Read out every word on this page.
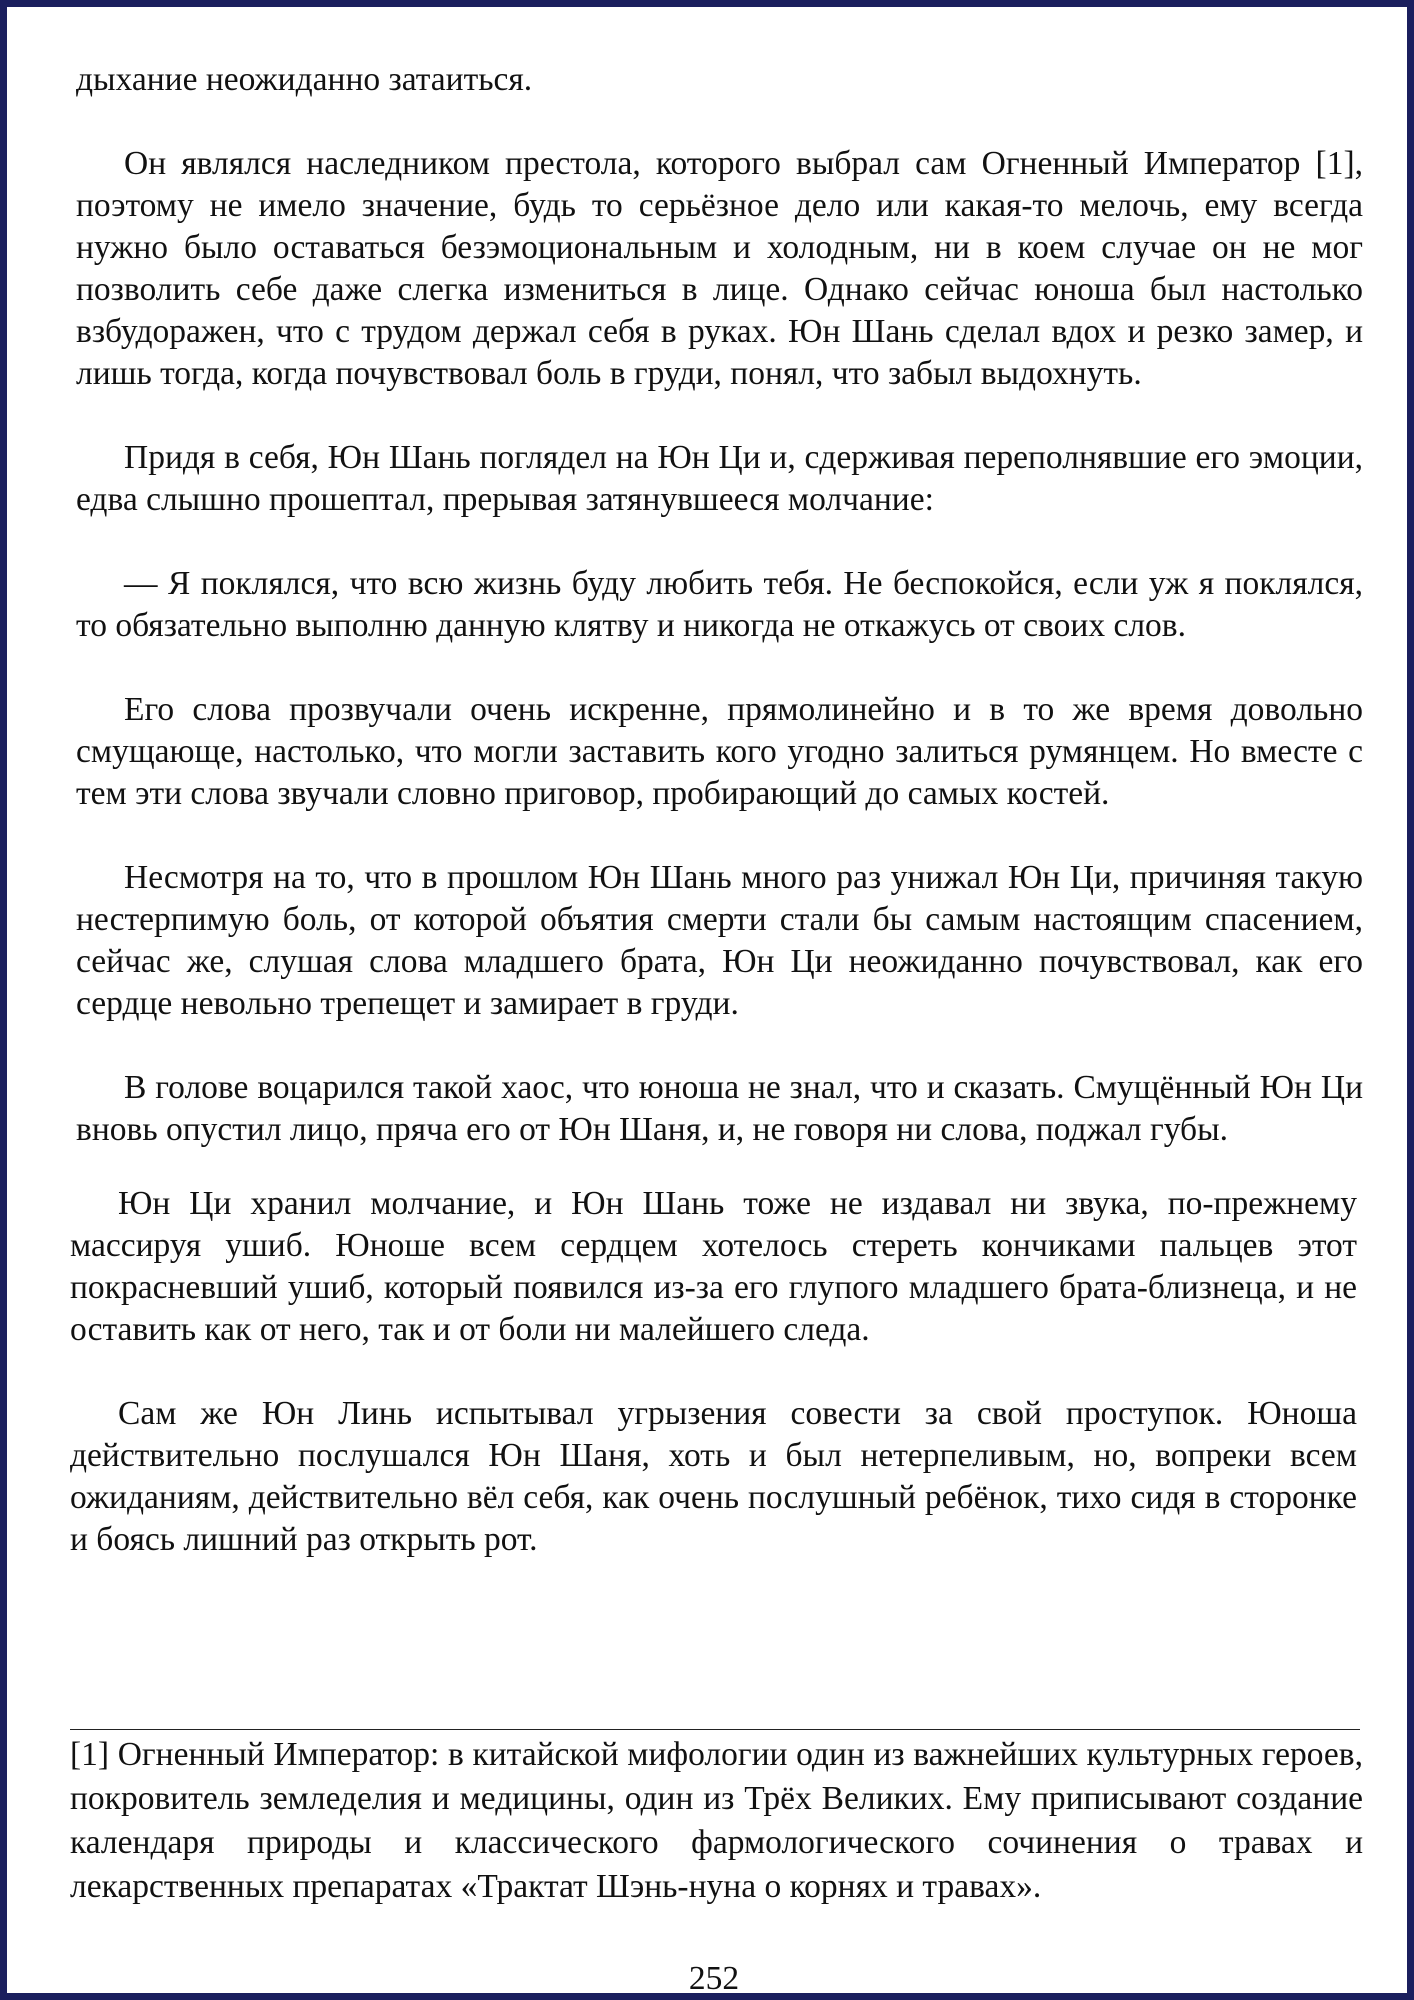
дыхание неожиданно затаиться.

Он являлся наследником престола, которого выбрал сам Огненный Император [1], поэтому не имело значение, будь то серьёзное дело или какая-то мелочь, ему всегда нужно было оставаться безэмоциональным и холодным, ни в коем случае он не мог позволить себе даже слегка измениться в лице. Однако сейчас юноша был настолько взбудоражен, что с трудом держал себя в руках. Юн Шань сделал вдох и резко замер, и лишь тогда, когда почувствовал боль в груди, понял, что забыл выдохнуть.

Придя в себя, Юн Шань поглядел на Юн Ци и, сдерживая переполнявшие его эмоции, едва слышно прошептал, прерывая затянувшееся молчание:

— Я поклялся, что всю жизнь буду любить тебя. Не беспокойся, если уж я поклялся, то обязательно выполню данную клятву и никогда не откажусь от своих слов.

Его слова прозвучали очень искренне, прямолинейно и в то же время довольно смущающе, настолько, что могли заставить кого угодно залиться румянцем. Но вместе с тем эти слова звучали словно приговор, пробирающий до самых костей.

Несмотря на то, что в прошлом Юн Шань много раз унижал Юн Ци, причиняя такую нестерпимую боль, от которой объятия смерти стали бы самым настоящим спасением, сейчас же, слушая слова младшего брата, Юн Ци неожиданно почувствовал, как его сердце невольно трепещет и замирает в груди.

В голове воцарился такой хаос, что юноша не знал, что и сказать. Смущённый Юн Ци вновь опустил лицо, пряча его от Юн Шаня, и, не говоря ни слова, поджал губы.

Юн Ци хранил молчание, и Юн Шань тоже не издавал ни звука, по-прежнему массируя ушиб. Юноше всем сердцем хотелось стереть кончиками пальцев этот покрасневший ушиб, который появился из-за его глупого младшего брата-близнеца, и не оставить как от него, так и от боли ни малейшего следа.

Сам же Юн Линь испытывал угрызения совести за свой проступок. Юноша действительно послушался Юн Шаня, хоть и был нетерпеливым, но, вопреки всем ожиданиям, действительно вёл себя, как очень послушный ребёнок, тихо сидя в сторонке и боясь лишний раз открыть рот.

[1] Огненный Император: в китайской мифологии один из важнейших культурных героев, покровитель земледелия и медицины, один из Трёх Великих. Ему приписывают создание календаря природы и классического фармологического сочинения о травах и лекарственных препаратах «Трактат Шэнь-нуна о корнях и травах».

252
